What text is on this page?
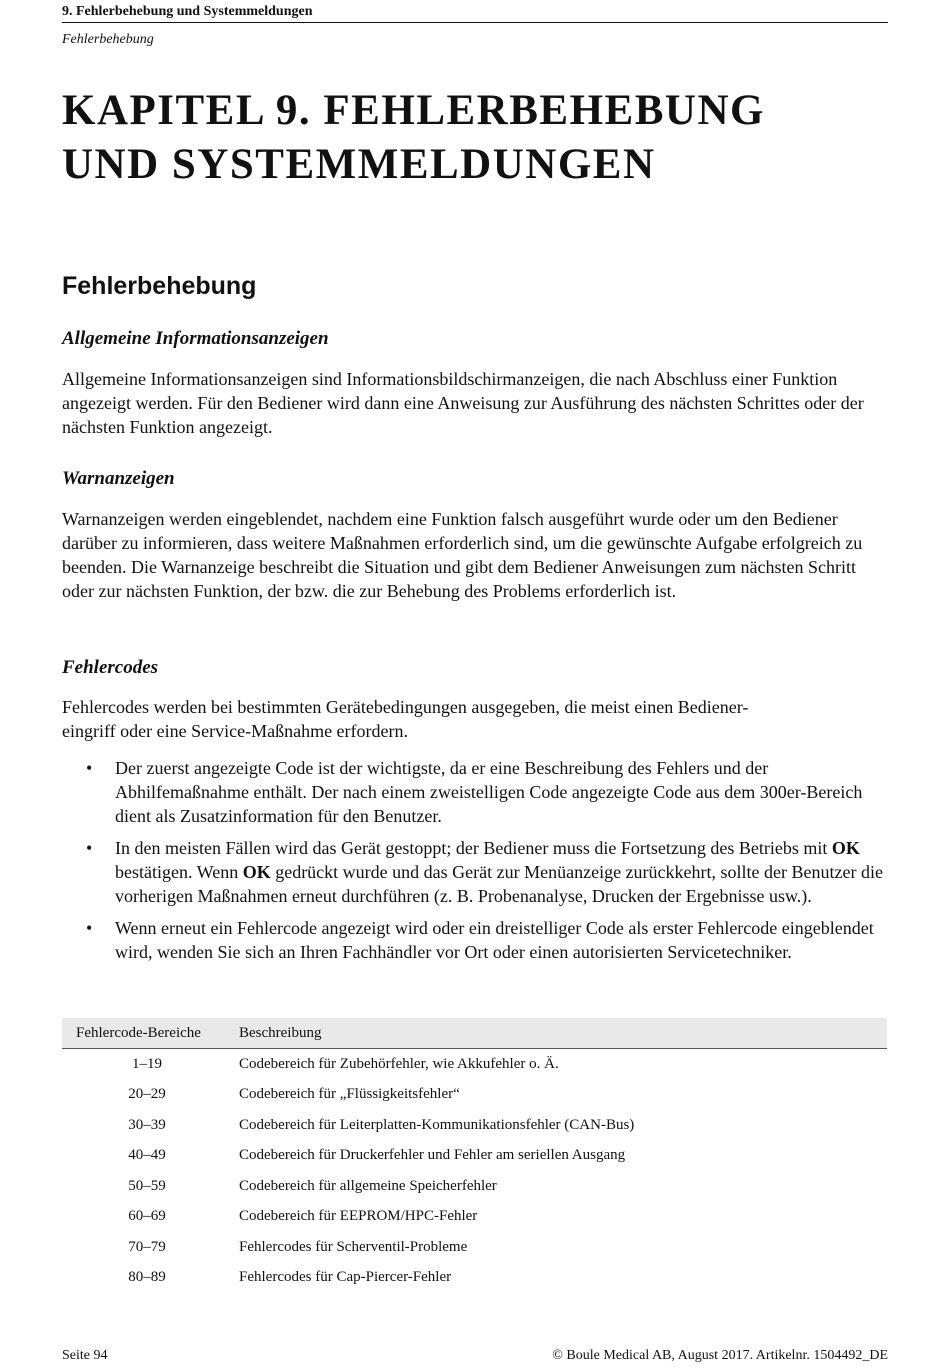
9. Fehlerbehebung und Systemmeldungen
Fehlerbehebung
KAPITEL 9. FEHLERBEHEBUNG
UND SYSTEMMELDUNGEN
Fehlerbehebung
Allgemeine Informationsanzeigen

Allgemeine Informationsanzeigen sind Informationsbildschirmanzeigen, die nach Abschluss einer Funktion angezeigt werden. Für den Bediener wird dann eine Anweisung zur Ausführung des nächsten Schrittes oder der nächsten Funktion angezeigt.

Warnanzeigen

Warnanzeigen werden eingeblendet, nachdem eine Funktion falsch ausgeführt wurde oder um den Bediener darüber zu informieren, dass weitere Maßnahmen erforderlich sind, um die gewünschte Aufgabe erfolgreich zu beenden. Die Warnanzeige beschreibt die Situation und gibt dem Bediener Anweisungen zum nächsten Schritt oder zur nächsten Funktion, der bzw. die zur Behebung des Problems erforderlich ist.

Fehlercodes

Fehlercodes werden bei bestimmten Gerätebedingungen ausgegeben, die meist einen Bediener-
eingriff oder eine Service-Maßnahme erfordern.

• Der zuerst angezeigte Code ist der wichtigste, da er eine Beschreibung des Fehlers und der Abhilfemaßnahme enthält. Der nach einem zweistelligen Code angezeigte Code aus dem 300er-Bereich dient als Zusatzinformation für den Benutzer.
• In den meisten Fällen wird das Gerät gestoppt; der Bediener muss die Fortsetzung des Betriebs mit OK bestätigen. Wenn OK gedrückt wurde und das Gerät zur Menüanzeige zurückkehrt, sollte der Benutzer die vorherigen Maßnahmen erneut durchführen (z. B. Probenanalyse, Drucken der Ergebnisse usw.).
• Wenn erneut ein Fehlercode angezeigt wird oder ein dreistelliger Code als erster Fehlercode eingeblendet wird, wenden Sie sich an Ihren Fachhändler vor Ort oder einen autorisierten Servicetechniker.
Fehlercode-Bereiche	Beschreibung
1–19	Codebereich für Zubehörfehler, wie Akkufehler o. Ä.
20–29	Codebereich für „Flüssigkeitsfehler“
30–39	Codebereich für Leiterplatten-Kommunikationsfehler (CAN-Bus)
40–49	Codebereich für Druckerfehler und Fehler am seriellen Ausgang
50–59	Codebereich für allgemeine Speicherfehler
60–69	Codebereich für EEPROM/HPC-Fehler
70–79	Fehlercodes für Scherventil-Probleme
80–89	Fehlercodes für Cap-Piercer-Fehler
Seite 94	© Boule Medical AB, August 2017. Artikelnr. 1504492_DE
